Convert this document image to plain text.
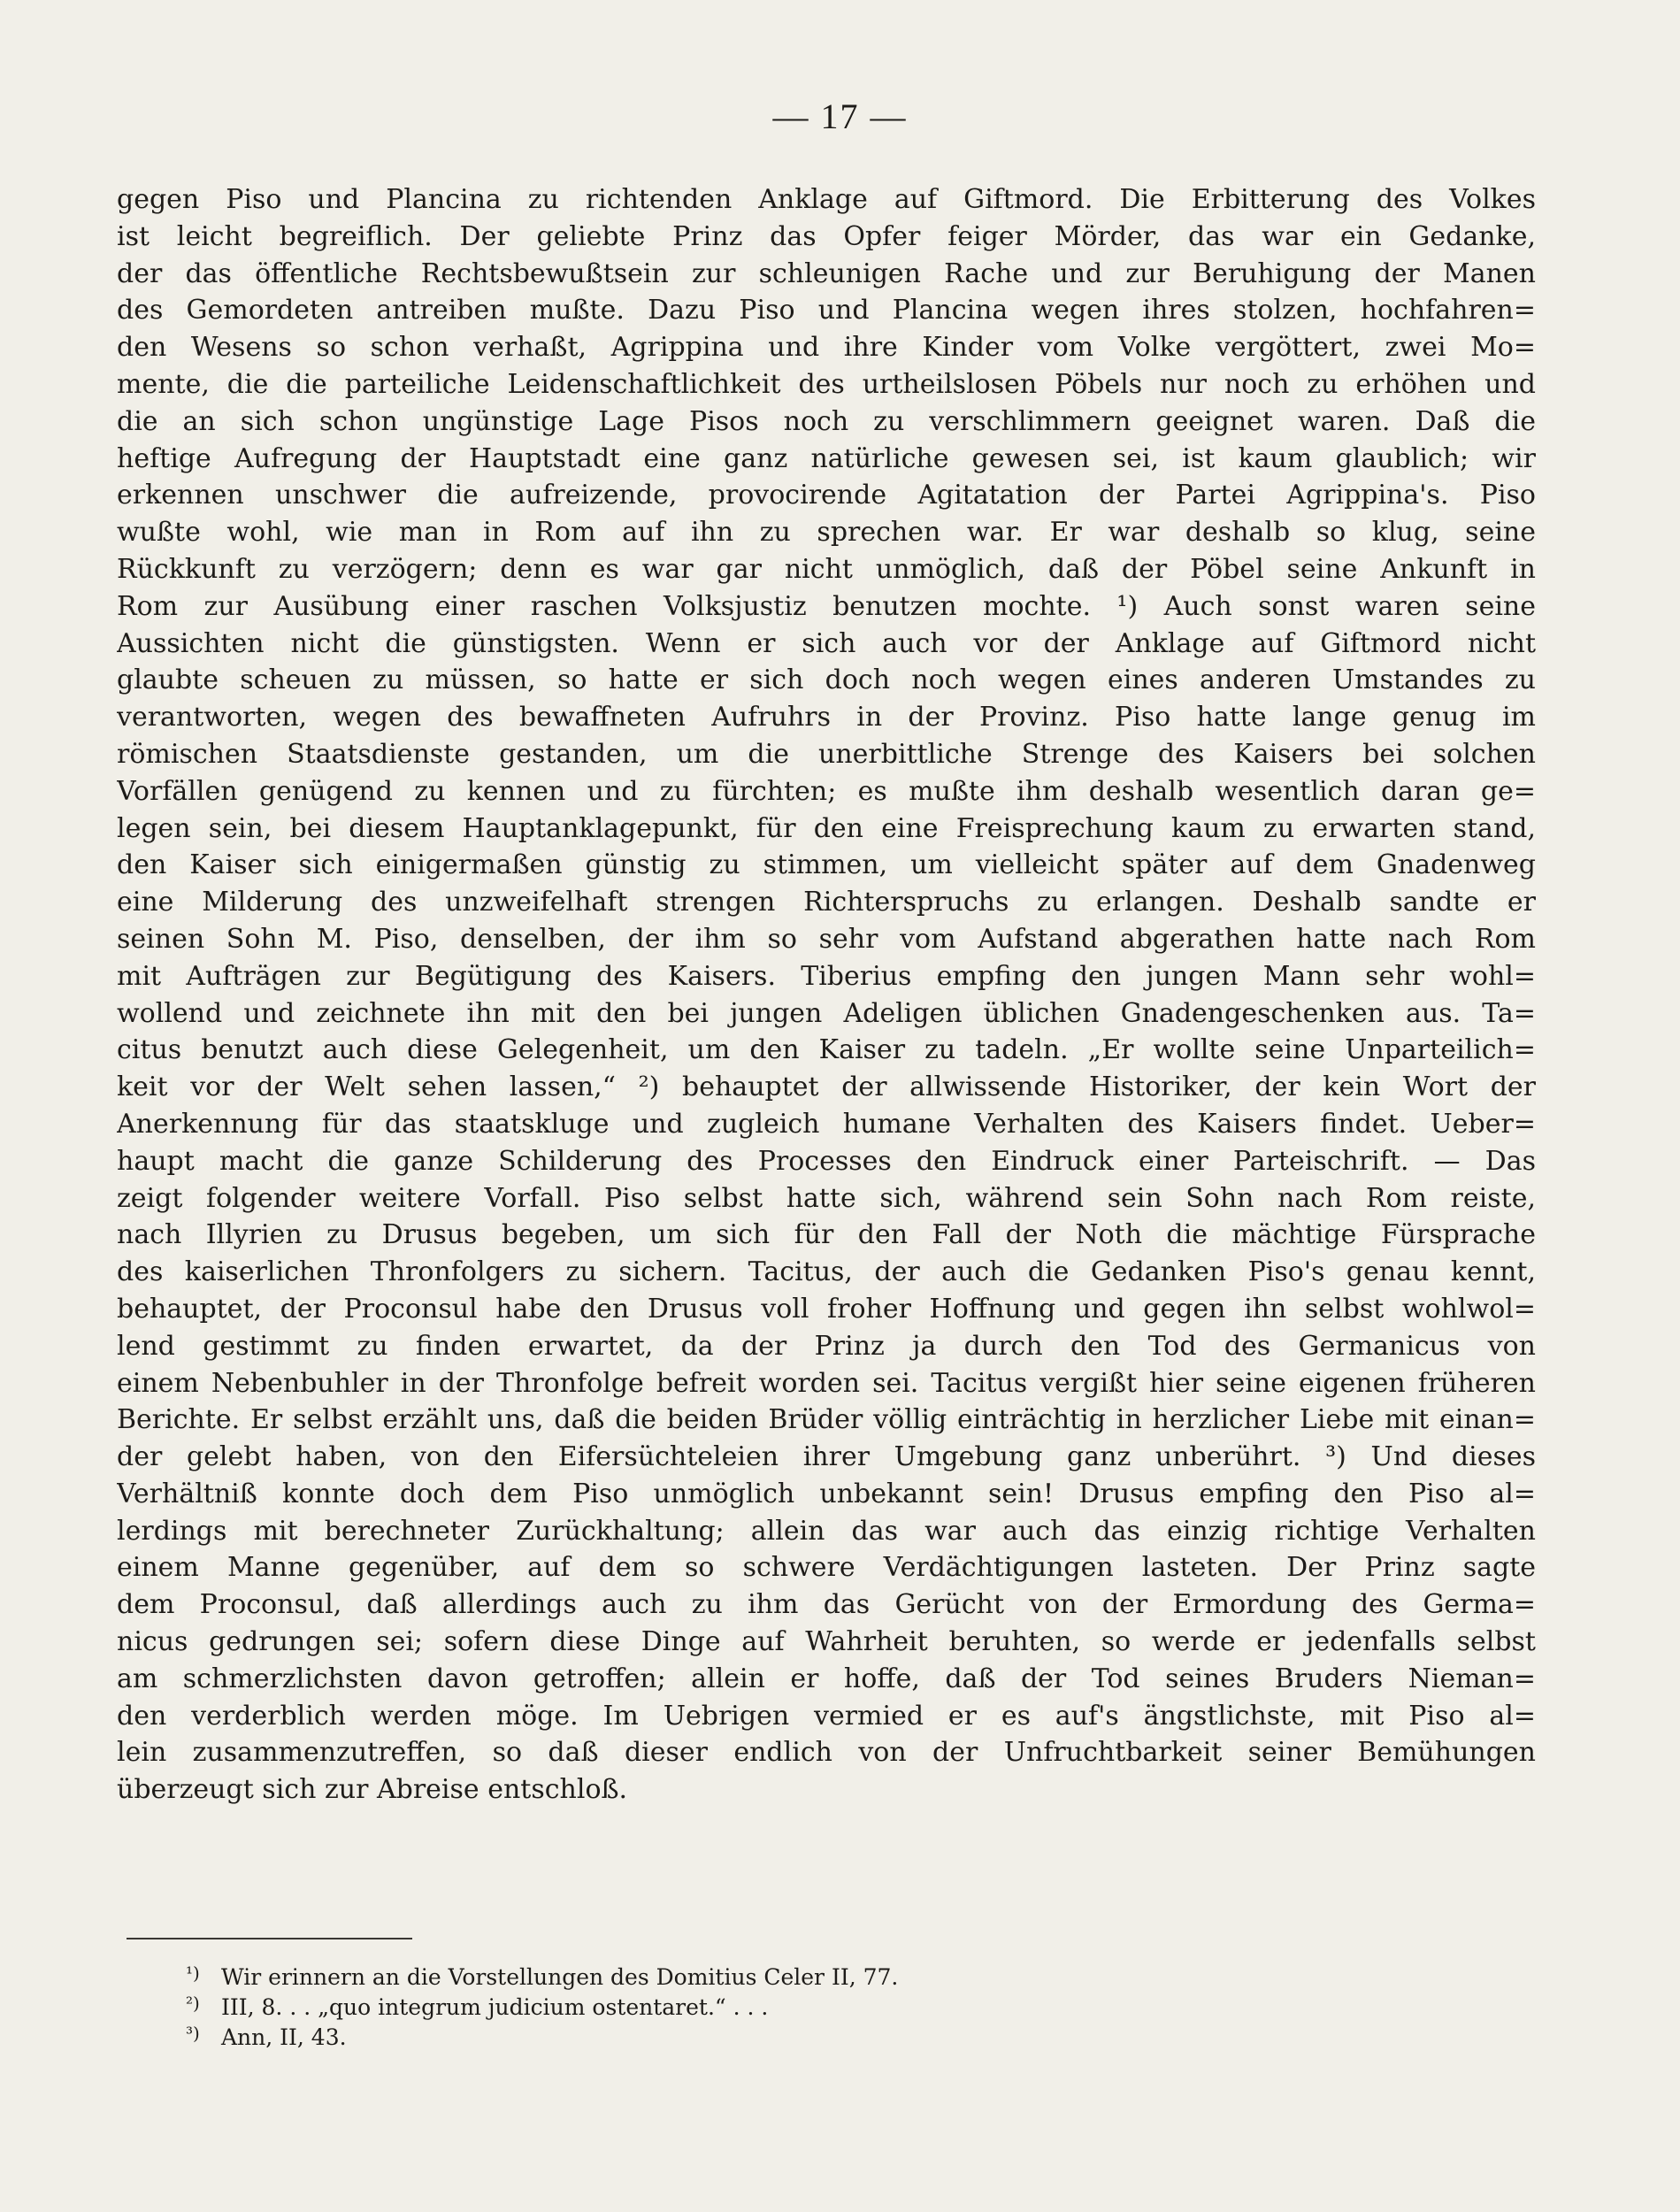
— 17 —
gegen Piso und Plancina zu richtenden Anklage auf Giftmord. Die Erbitterung des Volkes
ist leicht begreiflich. Der geliebte Prinz das Opfer feiger Mörder, das war ein Gedanke,
der das öffentliche Rechtsbewußtsein zur schleunigen Rache und zur Beruhigung der Manen
des Gemordeten antreiben mußte. Dazu Piso und Plancina wegen ihres stolzen, hochfahren=
den Wesens so schon verhaßt, Agrippina und ihre Kinder vom Volke vergöttert, zwei Mo=
mente, die die parteiliche Leidenschaftlichkeit des urtheilslosen Pöbels nur noch zu erhöhen und
die an sich schon ungünstige Lage Pisos noch zu verschlimmern geeignet waren. Daß die
heftige Aufregung der Hauptstadt eine ganz natürliche gewesen sei, ist kaum glaublich; wir
erkennen unschwer die aufreizende, provocirende Agitatation der Partei Agrippina's. Piso
wußte wohl, wie man in Rom auf ihn zu sprechen war. Er war deshalb so klug, seine
Rückkunft zu verzögern; denn es war gar nicht unmöglich, daß der Pöbel seine Ankunft in
Rom zur Ausübung einer raschen Volksjustiz benutzen mochte. ¹) Auch sonst waren seine
Aussichten nicht die günstigsten. Wenn er sich auch vor der Anklage auf Giftmord nicht
glaubte scheuen zu müssen, so hatte er sich doch noch wegen eines anderen Umstandes zu
verantworten, wegen des bewaffneten Aufruhrs in der Provinz. Piso hatte lange genug im
römischen Staatsdienste gestanden, um die unerbittliche Strenge des Kaisers bei solchen
Vorfällen genügend zu kennen und zu fürchten; es mußte ihm deshalb wesentlich daran ge=
legen sein, bei diesem Hauptanklagepunkt, für den eine Freisprechung kaum zu erwarten stand,
den Kaiser sich einigermaßen günstig zu stimmen, um vielleicht später auf dem Gnadenweg
eine Milderung des unzweifelhaft strengen Richterspruchs zu erlangen. Deshalb sandte er
seinen Sohn M. Piso, denselben, der ihm so sehr vom Aufstand abgerathen hatte nach Rom
mit Aufträgen zur Begütigung des Kaisers. Tiberius empfing den jungen Mann sehr wohl=
wollend und zeichnete ihn mit den bei jungen Adeligen üblichen Gnadengeschenken aus. Ta=
citus benutzt auch diese Gelegenheit, um den Kaiser zu tadeln. „Er wollte seine Unparteilich=
keit vor der Welt sehen lassen,“ ²) behauptet der allwissende Historiker, der kein Wort der
Anerkennung für das staatskluge und zugleich humane Verhalten des Kaisers findet. Ueber=
haupt macht die ganze Schilderung des Processes den Eindruck einer Parteischrift. — Das
zeigt folgender weitere Vorfall. Piso selbst hatte sich, während sein Sohn nach Rom reiste,
nach Illyrien zu Drusus begeben, um sich für den Fall der Noth die mächtige Fürsprache
des kaiserlichen Thronfolgers zu sichern. Tacitus, der auch die Gedanken Piso's genau kennt,
behauptet, der Proconsul habe den Drusus voll froher Hoffnung und gegen ihn selbst wohlwol=
lend gestimmt zu finden erwartet, da der Prinz ja durch den Tod des Germanicus von
einem Nebenbuhler in der Thronfolge befreit worden sei. Tacitus vergißt hier seine eigenen früheren
Berichte. Er selbst erzählt uns, daß die beiden Brüder völlig einträchtig in herzlicher Liebe mit einan=
der gelebt haben, von den Eifersüchteleien ihrer Umgebung ganz unberührt. ³) Und dieses
Verhältniß konnte doch dem Piso unmöglich unbekannt sein! Drusus empfing den Piso al=
lerdings mit berechneter Zurückhaltung; allein das war auch das einzig richtige Verhalten
einem Manne gegenüber, auf dem so schwere Verdächtigungen lasteten. Der Prinz sagte
dem Proconsul, daß allerdings auch zu ihm das Gerücht von der Ermordung des Germa=
nicus gedrungen sei; sofern diese Dinge auf Wahrheit beruhten, so werde er jedenfalls selbst
am schmerzlichsten davon getroffen; allein er hoffe, daß der Tod seines Bruders Nieman=
den verderblich werden möge. Im Uebrigen vermied er es auf's ängstlichste, mit Piso al=
lein zusammenzutreffen, so daß dieser endlich von der Unfruchtbarkeit seiner Bemühungen
überzeugt sich zur Abreise entschloß.
¹) Wir erinnern an die Vorstellungen des Domitius Celer II, 77.
²) III, 8. . . „quo integrum judicium ostentaret.“ . . .
³) Ann, II, 43.
